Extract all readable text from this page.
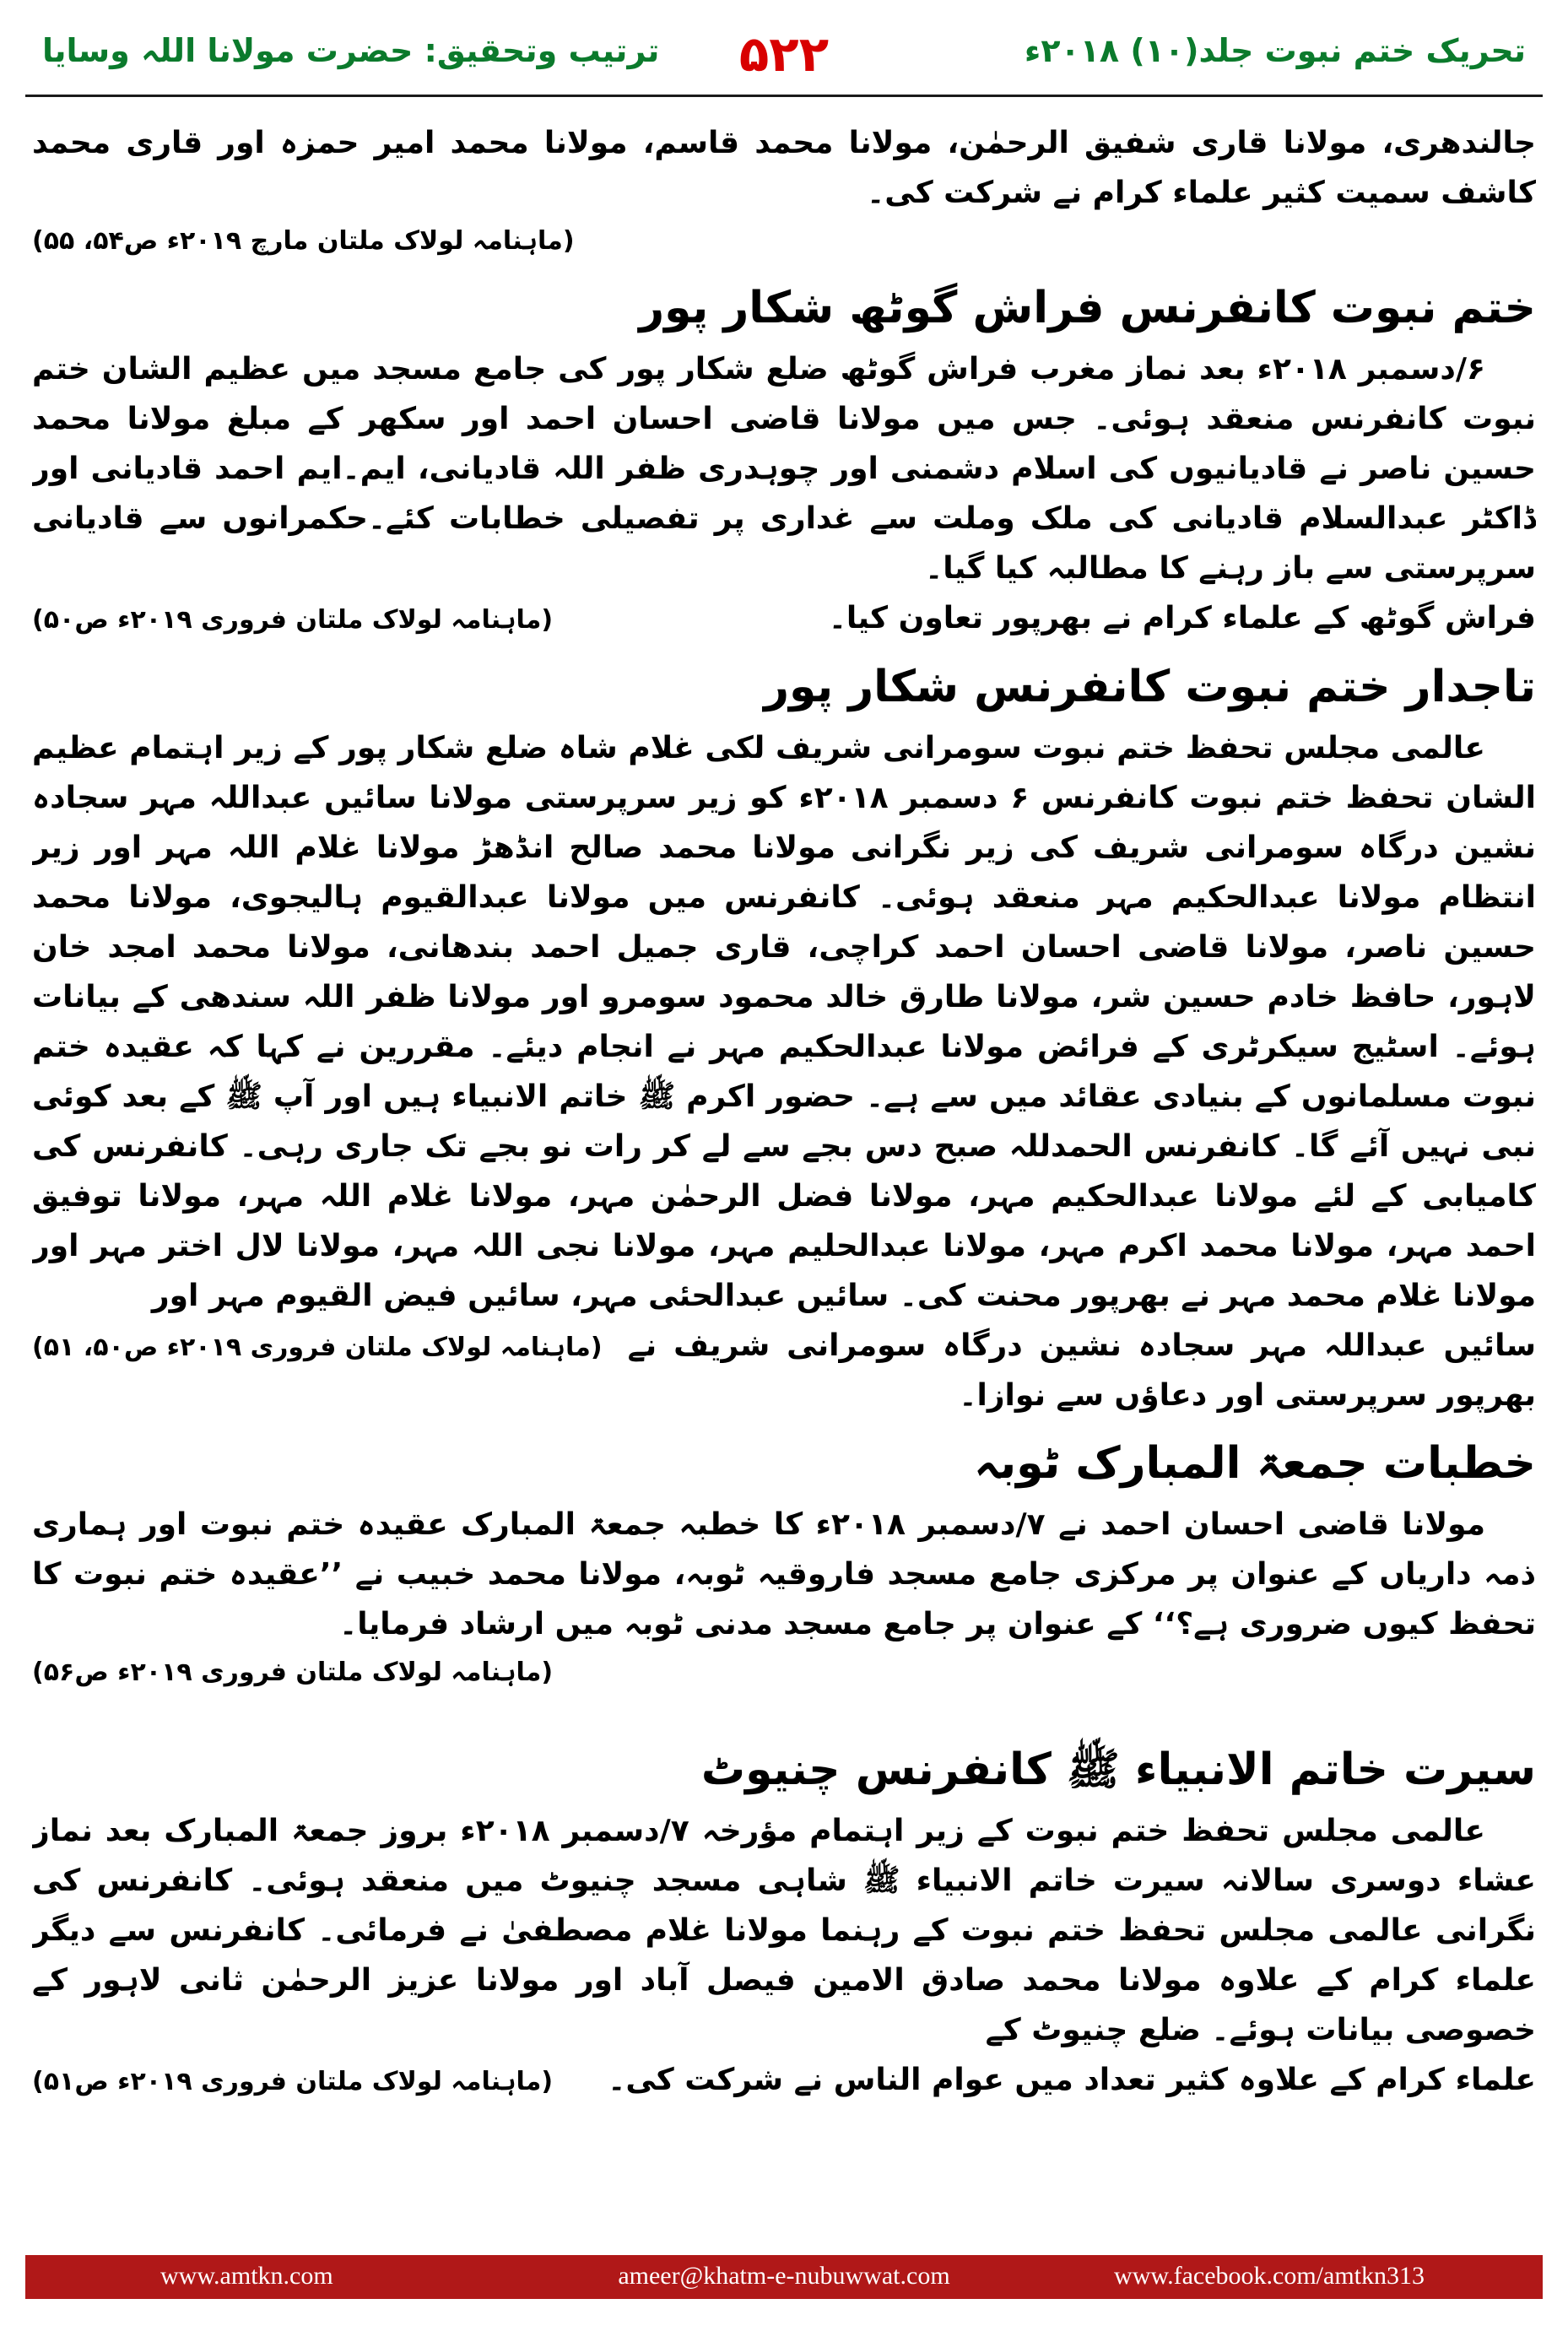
تحریک ختم نبوت جلد(۱۰) ۲۰۱۸ء
۵۲۲
ترتیب وتحقیق: حضرت مولانا اللہ وسایا

جالندھری، مولانا قاری شفیق الرحمٰن، مولانا محمد قاسم، مولانا محمد امیر حمزہ اور قاری محمد کاشف سمیت کثیر علماء کرام نے شرکت کی۔

(ماہنامہ لولاک ملتان مارچ ۲۰۱۹ء ص۵۴، ۵۵)

ختم نبوت کانفرنس فراش گوٹھ شکار پور

۶/دسمبر ۲۰۱۸ء بعد نماز مغرب فراش گوٹھ ضلع شکار پور کی جامع مسجد میں عظیم الشان ختم نبوت کانفرنس منعقد ہوئی۔ جس میں مولانا قاضی احسان احمد اور سکھر کے مبلغ مولانا محمد حسین ناصر نے قادیانیوں کی اسلام دشمنی اور چوہدری ظفر اللہ قادیانی، ایم۔ایم احمد قادیانی اور ڈاکٹر عبدالسلام قادیانی کی ملک وملت سے غداری پر تفصیلی خطابات کئے۔حکمرانوں سے قادیانی سرپرستی سے باز رہنے کا مطالبہ کیا گیا۔

فراش گوٹھ کے علماء کرام نے بھرپور تعاون کیا۔

(ماہنامہ لولاک ملتان فروری ۲۰۱۹ء ص۵۰)

تاجدار ختم نبوت کانفرنس شکار پور

عالمی مجلس تحفظ ختم نبوت سومرانی شریف لکی غلام شاہ ضلع شکار پور کے زیر اہتمام عظیم الشان تحفظ ختم نبوت کانفرنس ۶ دسمبر ۲۰۱۸ء کو زیر سرپرستی مولانا سائیں عبداللہ مہر سجادہ نشین درگاہ سومرانی شریف کی زیر نگرانی مولانا محمد صالح انڈھڑ مولانا غلام اللہ مہر اور زیر انتظام مولانا عبدالحکیم مہر منعقد ہوئی۔ کانفرنس میں مولانا عبدالقیوم ہالیجوی، مولانا محمد حسین ناصر، مولانا قاضی احسان احمد کراچی، قاری جمیل احمد بندھانی، مولانا محمد امجد خان لاہور، حافظ خادم حسین شر، مولانا طارق خالد محمود سومرو اور مولانا ظفر اللہ سندھی کے بیانات ہوئے۔ اسٹیج سیکرٹری کے فرائض مولانا عبدالحکیم مہر نے انجام دیئے۔ مقررین نے کہا کہ عقیدہ ختم نبوت مسلمانوں کے بنیادی عقائد میں سے ہے۔ حضور اکرم ﷺ خاتم الانبیاء ہیں اور آپ ﷺ کے بعد کوئی نبی نہیں آئے گا۔ کانفرنس الحمدللہ صبح دس بجے سے لے کر رات نو بجے تک جاری رہی۔ کانفرنس کی کامیابی کے لئے مولانا عبدالحکیم مہر، مولانا فضل الرحمٰن مہر، مولانا غلام اللہ مہر، مولانا توفیق احمد مہر، مولانا محمد اکرم مہر، مولانا عبدالحلیم مہر، مولانا نجی اللہ مہر، مولانا لال اختر مہر اور مولانا غلام محمد مہر نے بھرپور محنت کی۔ سائیں عبدالحئی مہر، سائیں فیض القیوم مہر اور

سائیں عبداللہ مہر سجادہ نشین درگاہ سومرانی شریف نے بھرپور سرپرستی اور دعاؤں سے نوازا۔

(ماہنامہ لولاک ملتان فروری ۲۰۱۹ء ص۵۰، ۵۱)

خطبات جمعۃ المبارک ٹوبہ

مولانا قاضی احسان احمد نے ۷/دسمبر ۲۰۱۸ء کا خطبہ جمعۃ المبارک عقیدہ ختم نبوت اور ہماری ذمہ داریاں کے عنوان پر مرکزی جامع مسجد فاروقیہ ٹوبہ، مولانا محمد خبیب نے ’’عقیدہ ختم نبوت کا تحفظ کیوں ضروری ہے؟‘‘ کے عنوان پر جامع مسجد مدنی ٹوبہ میں ارشاد فرمایا۔

(ماہنامہ لولاک ملتان فروری ۲۰۱۹ء ص۵۶)

سیرت خاتم الانبیاء ﷺ کانفرنس چنیوٹ

عالمی مجلس تحفظ ختم نبوت کے زیر اہتمام مؤرخہ ۷/دسمبر ۲۰۱۸ء بروز جمعۃ المبارک بعد نماز عشاء دوسری سالانہ سیرت خاتم الانبیاء ﷺ شاہی مسجد چنیوٹ میں منعقد ہوئی۔ کانفرنس کی نگرانی عالمی مجلس تحفظ ختم نبوت کے رہنما مولانا غلام مصطفیٰ نے فرمائی۔ کانفرنس سے دیگر علماء کرام کے علاوہ مولانا محمد صادق الامین فیصل آباد اور مولانا عزیز الرحمٰن ثانی لاہور کے خصوصی بیانات ہوئے۔ ضلع چنیوٹ کے

علماء کرام کے علاوہ کثیر تعداد میں عوام الناس نے شرکت کی۔

(ماہنامہ لولاک ملتان فروری ۲۰۱۹ء ص۵۱)

www.amtkn.com	ameer@khatm-e-nubuwwat.com	www.facebook.com/amtkn313
